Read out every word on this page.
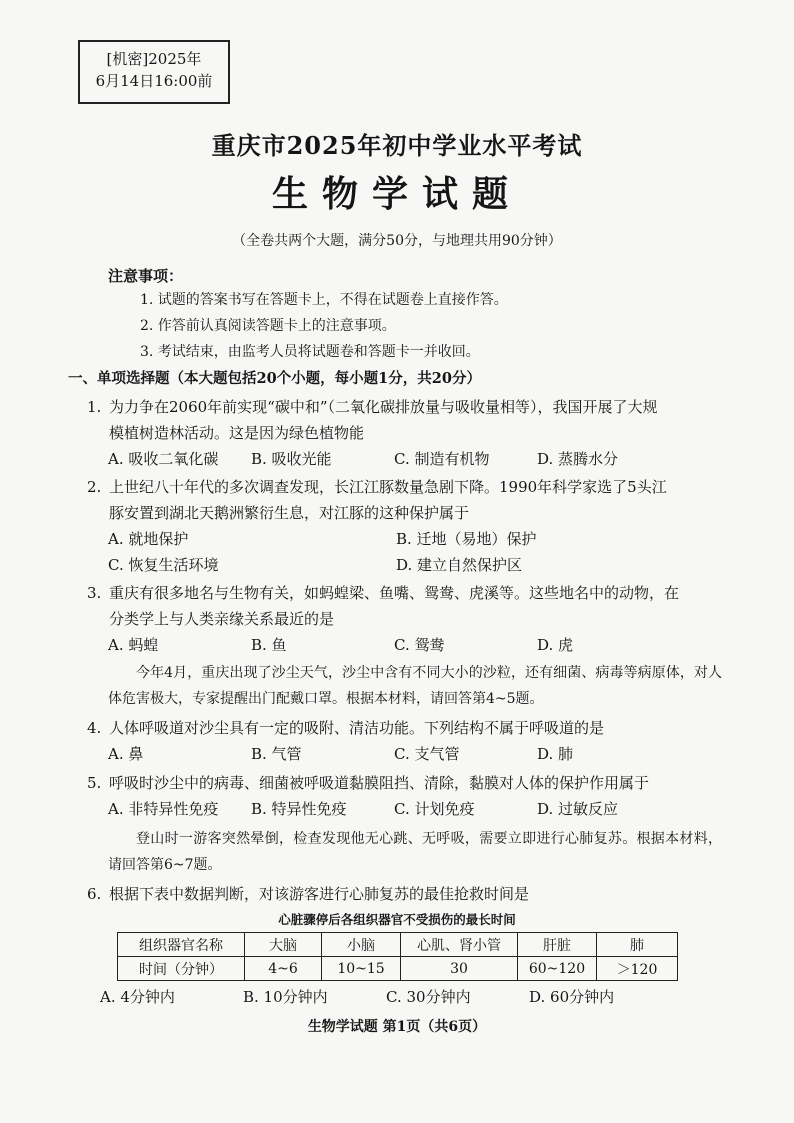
[机密]2025年
6月14日16:00前
重庆市2025年初中学业水平考试
生物学试题
（全卷共两个大题，满分50分，与地理共用90分钟）
注意事项：
1. 试题的答案书写在答题卡上，不得在试题卷上直接作答。
2. 作答前认真阅读答题卡上的注意事项。
3. 考试结束，由监考人员将试题卷和答题卡一并收回。
一、单项选择题（本大题包括20个小题，每小题1分，共20分）
1. 为力争在2060年前实现“碳中和”（二氧化碳排放量与吸收量相等），我国开展了大规
模植树造林活动。这是因为绿色植物能
A. 吸收二氧化碳	B. 吸收光能	C. 制造有机物	D. 蒸腾水分
2. 上世纪八十年代的多次调查发现，长江江豚数量急剧下降。1990年科学家选了5头江
豚安置到湖北天鹅洲繁衍生息，对江豚的这种保护属于
A. 就地保护	B. 迁地（易地）保护
C. 恢复生活环境	D. 建立自然保护区
3. 重庆有很多地名与生物有关，如蚂蝗梁、鱼嘴、鸳鸯、虎溪等。这些地名中的动物，在
分类学上与人类亲缘关系最近的是
A. 蚂蝗	B. 鱼	C. 鸳鸯	D. 虎
今年4月，重庆出现了沙尘天气，沙尘中含有不同大小的沙粒，还有细菌、病毒等病原体，对人体危害极大，专家提醒出门配戴口罩。根据本材料，请回答第4~5题。
4. 人体呼吸道对沙尘具有一定的吸附、清洁功能。下列结构不属于呼吸道的是
A. 鼻	B. 气管	C. 支气管	D. 肺
5. 呼吸时沙尘中的病毒、细菌被呼吸道黏膜阻挡、清除，黏膜对人体的保护作用属于
A. 非特异性免疫	B. 特异性免疫	C. 计划免疫	D. 过敏反应
登山时一游客突然晕倒，检查发现他无心跳、无呼吸，需要立即进行心肺复苏。根据本材料，请回答第6~7题。
6. 根据下表中数据判断，对该游客进行心肺复苏的最佳抢救时间是
心脏骤停后各组织器官不受损伤的最长时间
组织器官名称	大脑	小脑	心肌、肾小管	肝脏	肺
时间（分钟）	4~6	10~15	30	60~120	＞120
A. 4分钟内	B. 10分钟内	C. 30分钟内	D. 60分钟内
生物学试题 第1页（共6页）
